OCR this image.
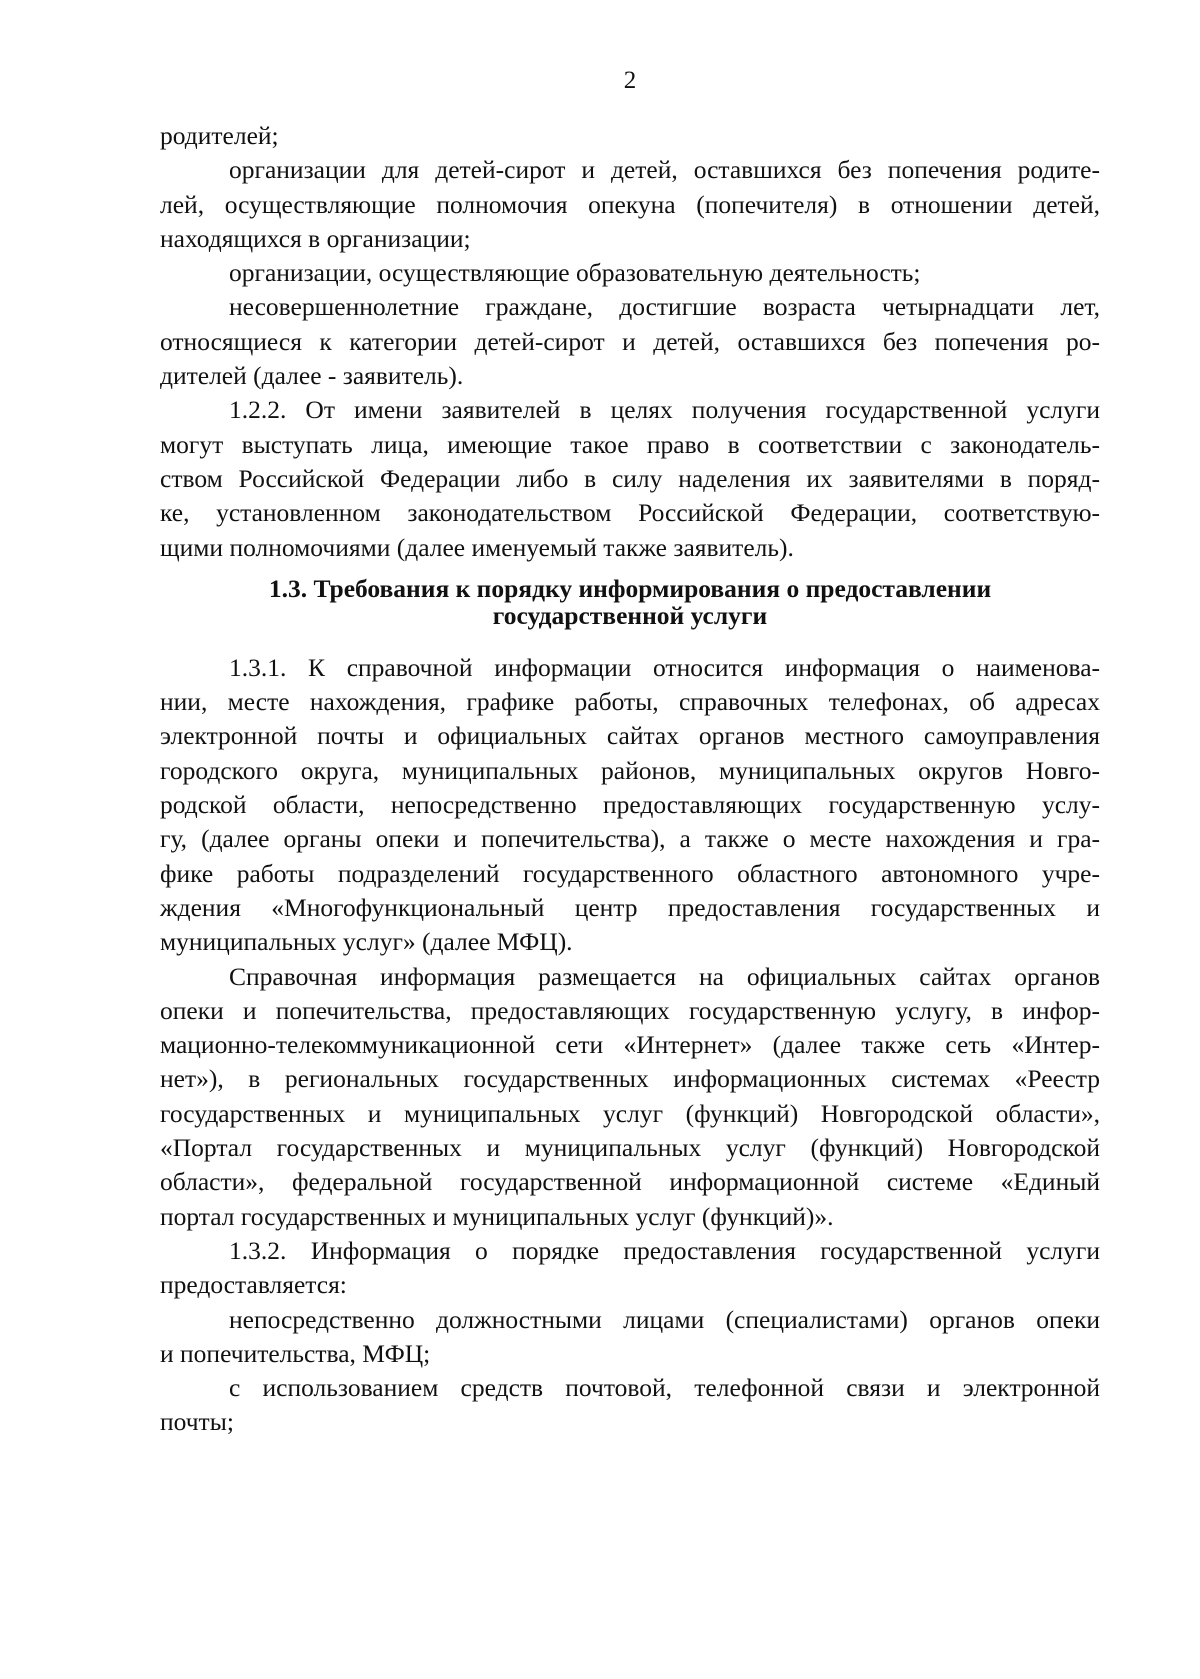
2

родителей;

организации для детей-сирот и детей, оставшихся без попечения родите-
лей, осуществляющие полномочия опекуна (попечителя) в отношении детей,
находящихся в организации;

организации, осуществляющие образовательную деятельность;

несовершеннолетние граждане, достигшие возраста четырнадцати лет,
относящиеся к категории детей-сирот и детей, оставшихся без попечения ро-
дителей (далее - заявитель).

1.2.2. От имени заявителей в целях получения государственной услуги
могут выступать лица, имеющие такое право в соответствии с законодатель-
ством Российской Федерации либо в силу наделения их заявителями в поряд-
ке, установленном законодательством Российской Федерации, соответствую-
щими полномочиями (далее именуемый также заявитель).

1.3. Требования к порядку информирования о предоставлении
государственной услуги

1.3.1. К справочной информации относится информация о наименова-
нии, месте нахождения, графике работы, справочных телефонах, об адресах
электронной почты и официальных сайтах органов местного самоуправления
городского округа, муниципальных районов, муниципальных округов Новго-
родской области, непосредственно предоставляющих государственную услу-
гу, (далее органы опеки и попечительства), а также о месте нахождения и гра-
фике работы подразделений государственного областного автономного учре-
ждения «Многофункциональный центр предоставления государственных и
муниципальных услуг» (далее МФЦ).

Справочная информация размещается на официальных сайтах органов
опеки и попечительства, предоставляющих государственную услугу, в инфор-
мационно-телекоммуникационной сети «Интернет» (далее также сеть «Интер-
нет»), в региональных государственных информационных системах «Реестр
государственных и муниципальных услуг (функций) Новгородской области»,
«Портал государственных и муниципальных услуг (функций) Новгородской
области», федеральной государственной информационной системе «Единый
портал государственных и муниципальных услуг (функций)».

1.3.2. Информация о порядке предоставления государственной услуги
предоставляется:

непосредственно должностными лицами (специалистами) органов опеки
и попечительства, МФЦ;

с использованием средств почтовой, телефонной связи и электронной
почты;
